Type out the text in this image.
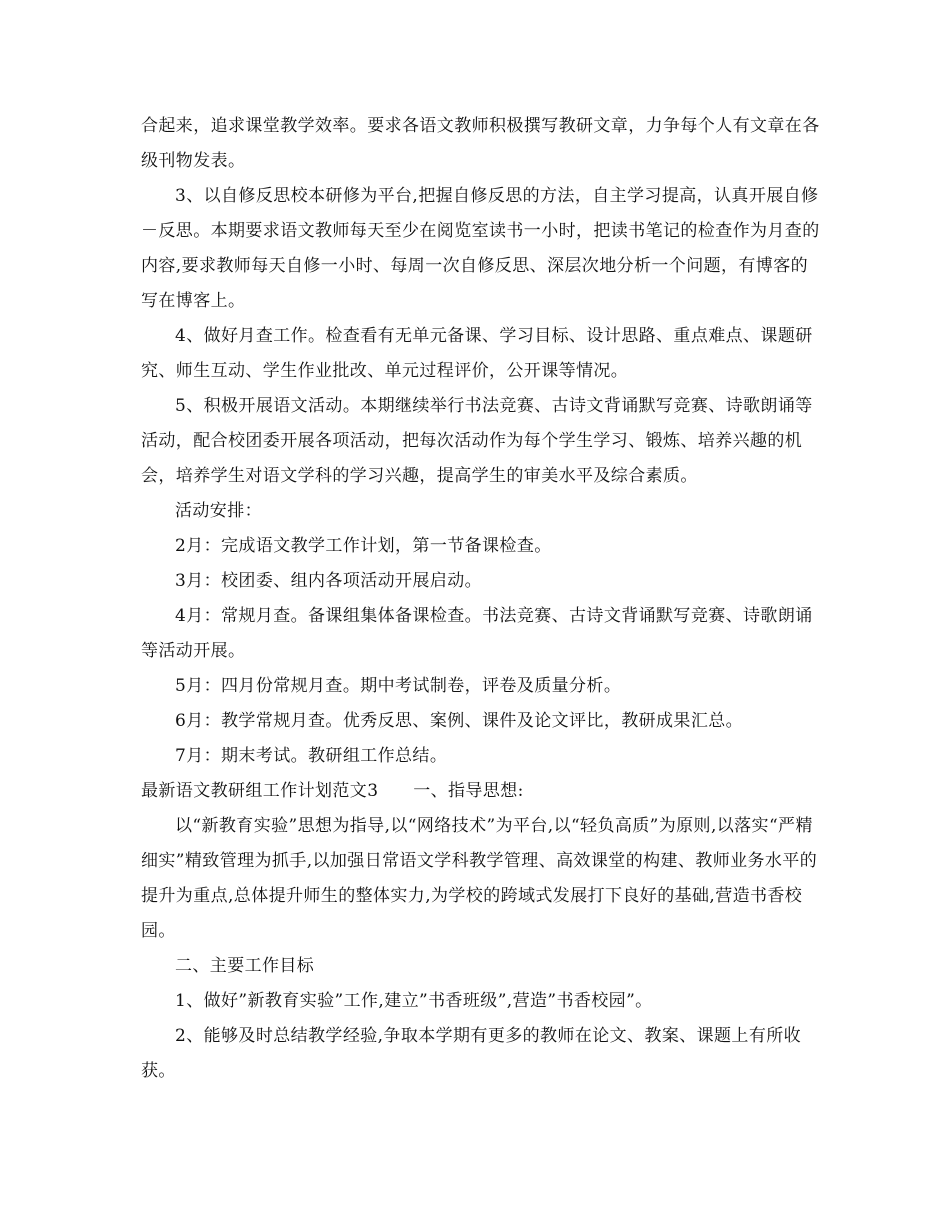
合起来，追求课堂教学效率。要求各语文教师积极撰写教研文章，力争每个人有文章在各级刊物发表。

3、以自修反思校本研修为平台,把握自修反思的方法，自主学习提高，认真开展自修－反思。本期要求语文教师每天至少在阅览室读书一小时，把读书笔记的检查作为月查的内容,要求教师每天自修一小时、每周一次自修反思、深层次地分析一个问题，有博客的写在博客上。

4、做好月查工作。检查看有无单元备课、学习目标、设计思路、重点难点、课题研究、师生互动、学生作业批改、单元过程评价，公开课等情况。

5、积极开展语文活动。本期继续举行书法竞赛、古诗文背诵默写竞赛、诗歌朗诵等活动，配合校团委开展各项活动，把每次活动作为每个学生学习、锻炼、培养兴趣的机会，培养学生对语文学科的学习兴趣，提高学生的审美水平及综合素质。

活动安排：

2月：完成语文教学工作计划，第一节备课检查。

3月：校团委、组内各项活动开展启动。

4月：常规月查。备课组集体备课检查。书法竞赛、古诗文背诵默写竞赛、诗歌朗诵等活动开展。

5月：四月份常规月查。期中考试制卷，评卷及质量分析。

6月：教学常规月查。优秀反思、案例、课件及论文评比，教研成果汇总。

7月：期末考试。教研组工作总结。

最新语文教研组工作计划范文3　　一、指导思想:

以“新教育实验”思想为指导,以“网络技术”为平台,以“轻负高质”为原则,以落实“严精细实”精致管理为抓手,以加强日常语文学科教学管理、高效课堂的构建、教师业务水平的提升为重点,总体提升师生的整体实力,为学校的跨域式发展打下良好的基础,营造书香校园。

二、主要工作目标

1、做好”新教育实验”工作,建立”书香班级”,营造”书香校园”。

2、能够及时总结教学经验,争取本学期有更多的教师在论文、教案、课题上有所收获。
